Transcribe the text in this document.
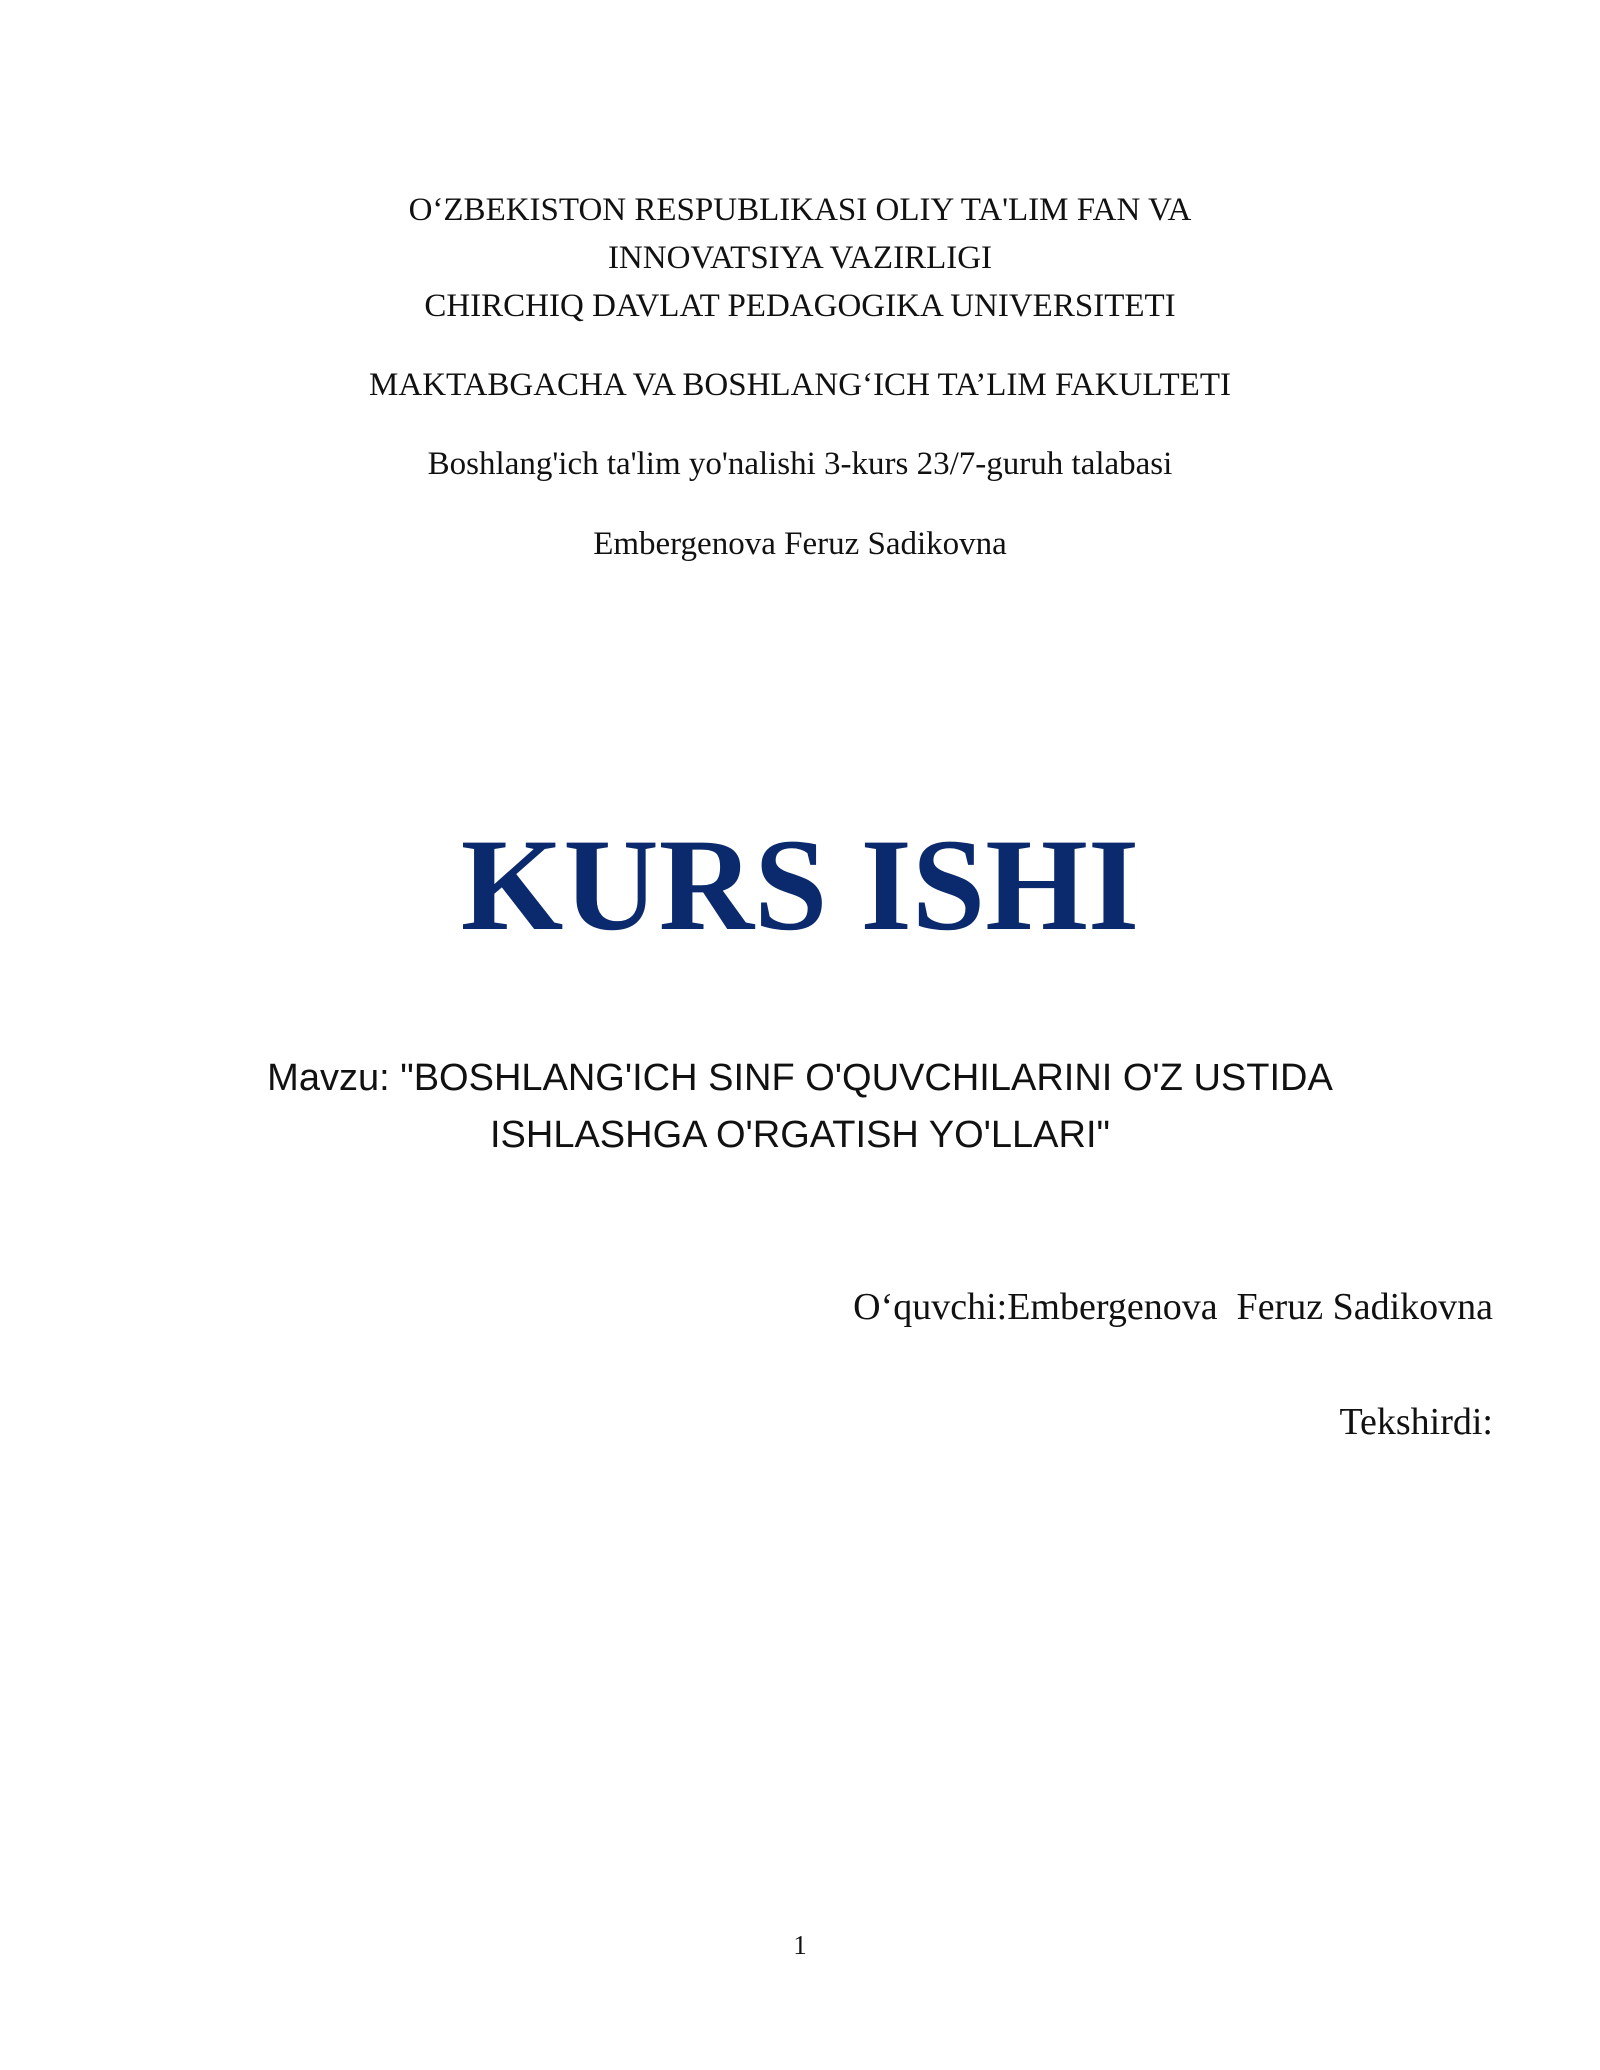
O‘ZBEKISTON RESPUBLIKASI OLIY TA'LIM FAN VA
INNOVATSIYA VAZIRLIGI
CHIRCHIQ DAVLAT PEDAGOGIKA UNIVERSITETI
MAKTABGACHA VA BOSHLANG‘ICH TA’LIM FAKULTETI
Boshlang'ich ta'lim yo'nalishi 3-kurs 23/7-guruh talabasi
Embergenova Feruz Sadikovna
KURS ISHI
Mavzu: "BOSHLANG'ICH SINF O'QUVCHILARINI O'Z USTIDA
ISHLASHGA O'RGATISH YO'LLARI"
O‘quvchi:Embergenova  Feruz Sadikovna
Tekshirdi:
1
